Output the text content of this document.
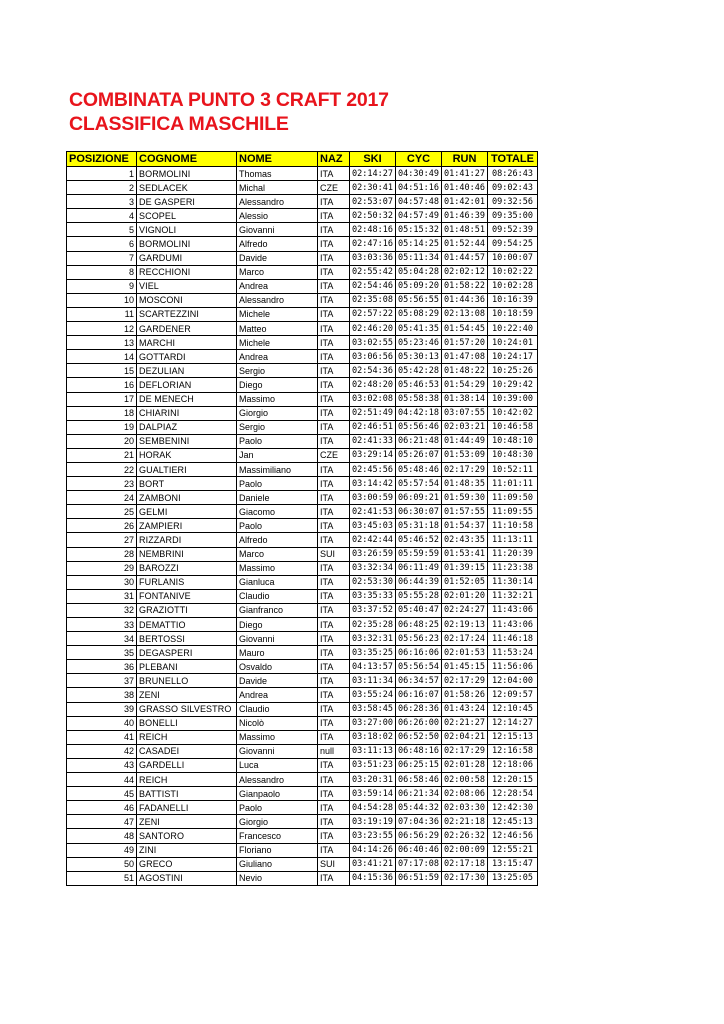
COMBINATA PUNTO 3 CRAFT 2017
CLASSIFICA MASCHILE
POSIZIONE	COGNOME	NOME	NAZ	SKI	CYC	RUN	TOTALE
1	BORMOLINI	Thomas	ITA	02:14:27	04:30:49	01:41:27	08:26:43
2	SEDLACEK	Michal	CZE	02:30:41	04:51:16	01:40:46	09:02:43
3	DE GASPERI	Alessandro	ITA	02:53:07	04:57:48	01:42:01	09:32:56
4	SCOPEL	Alessio	ITA	02:50:32	04:57:49	01:46:39	09:35:00
5	VIGNOLI	Giovanni	ITA	02:48:16	05:15:32	01:48:51	09:52:39
6	BORMOLINI	Alfredo	ITA	02:47:16	05:14:25	01:52:44	09:54:25
7	GARDUMI	Davide	ITA	03:03:36	05:11:34	01:44:57	10:00:07
8	RECCHIONI	Marco	ITA	02:55:42	05:04:28	02:02:12	10:02:22
9	VIEL	Andrea	ITA	02:54:46	05:09:20	01:58:22	10:02:28
10	MOSCONI	Alessandro	ITA	02:35:08	05:56:55	01:44:36	10:16:39
11	SCARTEZZINI	Michele	ITA	02:57:22	05:08:29	02:13:08	10:18:59
12	GARDENER	Matteo	ITA	02:46:20	05:41:35	01:54:45	10:22:40
13	MARCHI	Michele	ITA	03:02:55	05:23:46	01:57:20	10:24:01
14	GOTTARDI	Andrea	ITA	03:06:56	05:30:13	01:47:08	10:24:17
15	DEZULIAN	Sergio	ITA	02:54:36	05:42:28	01:48:22	10:25:26
16	DEFLORIAN	Diego	ITA	02:48:20	05:46:53	01:54:29	10:29:42
17	DE MENECH	Massimo	ITA	03:02:08	05:58:38	01:38:14	10:39:00
18	CHIARINI	Giorgio	ITA	02:51:49	04:42:18	03:07:55	10:42:02
19	DALPIAZ	Sergio	ITA	02:46:51	05:56:46	02:03:21	10:46:58
20	SEMBENINI	Paolo	ITA	02:41:33	06:21:48	01:44:49	10:48:10
21	HORAK	Jan	CZE	03:29:14	05:26:07	01:53:09	10:48:30
22	GUALTIERI	Massimiliano	ITA	02:45:56	05:48:46	02:17:29	10:52:11
23	BORT	Paolo	ITA	03:14:42	05:57:54	01:48:35	11:01:11
24	ZAMBONI	Daniele	ITA	03:00:59	06:09:21	01:59:30	11:09:50
25	GELMI	Giacomo	ITA	02:41:53	06:30:07	01:57:55	11:09:55
26	ZAMPIERI	Paolo	ITA	03:45:03	05:31:18	01:54:37	11:10:58
27	RIZZARDI	Alfredo	ITA	02:42:44	05:46:52	02:43:35	11:13:11
28	NEMBRINI	Marco	SUI	03:26:59	05:59:59	01:53:41	11:20:39
29	BAROZZI	Massimo	ITA	03:32:34	06:11:49	01:39:15	11:23:38
30	FURLANIS	Gianluca	ITA	02:53:30	06:44:39	01:52:05	11:30:14
31	FONTANIVE	Claudio	ITA	03:35:33	05:55:28	02:01:20	11:32:21
32	GRAZIOTTI	Gianfranco	ITA	03:37:52	05:40:47	02:24:27	11:43:06
33	DEMATTIO	Diego	ITA	02:35:28	06:48:25	02:19:13	11:43:06
34	BERTOSSI	Giovanni	ITA	03:32:31	05:56:23	02:17:24	11:46:18
35	DEGASPERI	Mauro	ITA	03:35:25	06:16:06	02:01:53	11:53:24
36	PLEBANI	Osvaldo	ITA	04:13:57	05:56:54	01:45:15	11:56:06
37	BRUNELLO	Davide	ITA	03:11:34	06:34:57	02:17:29	12:04:00
38	ZENI	Andrea	ITA	03:55:24	06:16:07	01:58:26	12:09:57
39	GRASSO SILVESTRO	Claudio	ITA	03:58:45	06:28:36	01:43:24	12:10:45
40	BONELLI	Nicolò	ITA	03:27:00	06:26:00	02:21:27	12:14:27
41	REICH	Massimo	ITA	03:18:02	06:52:50	02:04:21	12:15:13
42	CASADEI	Giovanni	null	03:11:13	06:48:16	02:17:29	12:16:58
43	GARDELLI	Luca	ITA	03:51:23	06:25:15	02:01:28	12:18:06
44	REICH	Alessandro	ITA	03:20:31	06:58:46	02:00:58	12:20:15
45	BATTISTI	Gianpaolo	ITA	03:59:14	06:21:34	02:08:06	12:28:54
46	FADANELLI	Paolo	ITA	04:54:28	05:44:32	02:03:30	12:42:30
47	ZENI	Giorgio	ITA	03:19:19	07:04:36	02:21:18	12:45:13
48	SANTORO	Francesco	ITA	03:23:55	06:56:29	02:26:32	12:46:56
49	ZINI	Floriano	ITA	04:14:26	06:40:46	02:00:09	12:55:21
50	GRECO	Giuliano	SUI	03:41:21	07:17:08	02:17:18	13:15:47
51	AGOSTINI	Nevio	ITA	04:15:36	06:51:59	02:17:30	13:25:05
